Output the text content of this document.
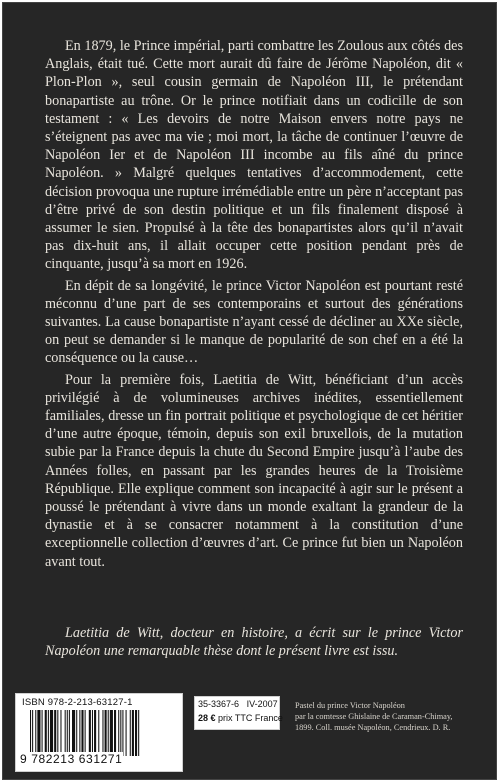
En 1879, le Prince impérial, parti combattre les Zoulous aux côtés des Anglais, était tué. Cette mort aurait dû faire de Jérôme Napoléon, dit « Plon-Plon », seul cousin germain de Napoléon III, le prétendant bonapartiste au trône. Or le prince notifiait dans un codicille de son testament : « Les devoirs de notre Maison envers notre pays ne s’éteignent pas avec ma vie ; moi mort, la tâche de continuer l’œuvre de Napoléon Ier et de Napoléon III incombe au fils aîné du prince Napoléon. » Malgré quelques tentatives d’accommodement, cette décision provoqua une rupture irrémédiable entre un père n’acceptant pas d’être privé de son destin politique et un fils finalement disposé à assumer le sien. Propulsé à la tête des bonapartistes alors qu’il n’avait pas dix-huit ans, il allait occuper cette position pendant près de cinquante, jusqu’à sa mort en 1926.

En dépit de sa longévité, le prince Victor Napoléon est pourtant resté méconnu d’une part de ses contemporains et surtout des générations suivantes. La cause bonapartiste n’ayant cessé de décliner au XXe siècle, on peut se demander si le manque de popularité de son chef en a été la conséquence ou la cause…

Pour la première fois, Laetitia de Witt, bénéficiant d’un accès privilégié à de volumineuses archives inédites, essentiellement familiales, dresse un fin portrait politique et psychologique de cet héritier d’une autre époque, témoin, depuis son exil bruxellois, de la mutation subie par la France depuis la chute du Second Empire jusqu’à l’aube des Années folles, en passant par les grandes heures de la Troisième République. Elle explique comment son incapacité à agir sur le présent a poussé le prétendant à vivre dans un monde exaltant la grandeur de la dynastie et à se consacrer notamment à la constitution d’une exceptionnelle collection d’œuvres d’art. Ce prince fut bien un Napoléon avant tout.

Laetitia de Witt, docteur en histoire, a écrit sur le prince Victor Napoléon une remarquable thèse dont le présent livre est issu.
ISBN 978-2-213-63127-1
9 782213 631271
35-3367-6 IV-2007
28 € prix TTC France
Pastel du prince Victor Napoléon
par la comtesse Ghislaine de Caraman-Chimay,
1899. Coll. musée Napoléon, Cendrieux. D. R.
